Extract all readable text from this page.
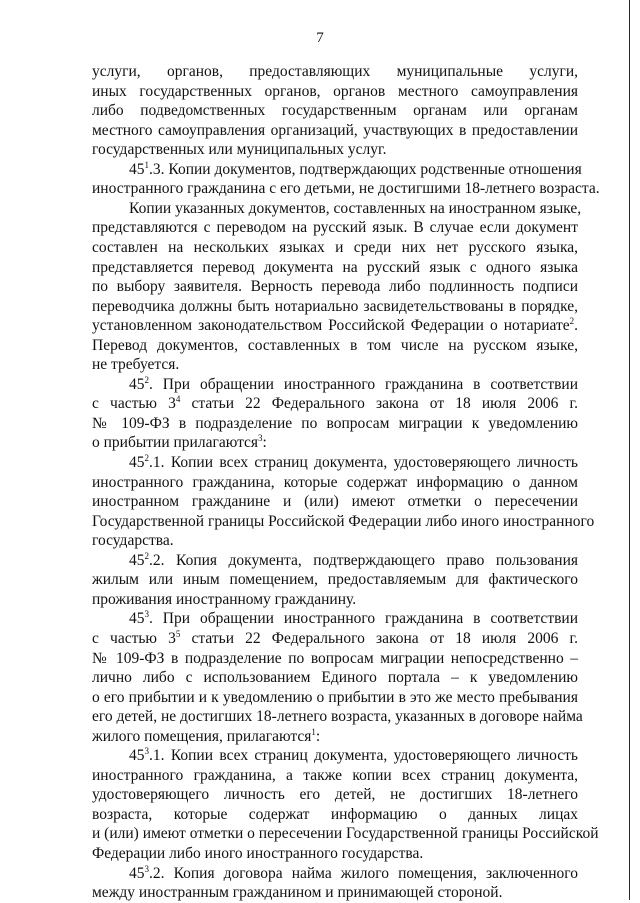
7
услуги, органов, предоставляющих муниципальные услуги,
иных государственных органов, органов местного самоуправления
либо подведомственных государственным органам или органам
местного самоуправления организаций, участвующих в предоставлении
государственных или муниципальных услуг.
$45^1.3$. Копии документов, подтверждающих родственные отношения
иностранного гражданина с его детьми, не достигшими 18-летнего возраста.
Копии указанных документов, составленных на иностранном языке,
представляются с переводом на русский язык. В случае если документ
составлен на нескольких языках и среди них нет русского языка,
представляется перевод документа на русский язык с одного языка
по выбору заявителя. Верность перевода либо подлинность подписи
переводчика должны быть нотариально засвидетельствованы в порядке,
установленном законодательством Российской Федерации о нотариате$^2$.
Перевод документов, составленных в том числе на русском языке,
не требуется.
$45^2$. При обращении иностранного гражданина в соответствии
с частью $3^4$ статьи 22 Федерального закона от 18 июля 2006 г.
№ 109-ФЗ в подразделение по вопросам миграции к уведомлению
о прибытии прилагаются$^3$:
$45^2.1$. Копии всех страниц документа, удостоверяющего личность
иностранного гражданина, которые содержат информацию о данном
иностранном гражданине и (или) имеют отметки о пересечении
Государственной границы Российской Федерации либо иного иностранного
государства.
$45^2.2$. Копия документа, подтверждающего право пользования
жилым или иным помещением, предоставляемым для фактического
проживания иностранному гражданину.
$45^3$. При обращении иностранного гражданина в соответствии
с частью $3^5$ статьи 22 Федерального закона от 18 июля 2006 г.
№ 109-ФЗ в подразделение по вопросам миграции непосредственно –
лично либо с использованием Единого портала – к уведомлению
о его прибытии и к уведомлению о прибытии в это же место пребывания
его детей, не достигших 18-летнего возраста, указанных в договоре найма
жилого помещения, прилагаются$^1$:
$45^3.1$. Копии всех страниц документа, удостоверяющего личность
иностранного гражданина, а также копии всех страниц документа,
удостоверяющего личность его детей, не достигших 18-летнего
возраста, которые содержат информацию о данных лицах
и (или) имеют отметки о пересечении Государственной границы Российской
Федерации либо иного иностранного государства.
$45^3.2$. Копия договора найма жилого помещения, заключенного
между иностранным гражданином и принимающей стороной.
